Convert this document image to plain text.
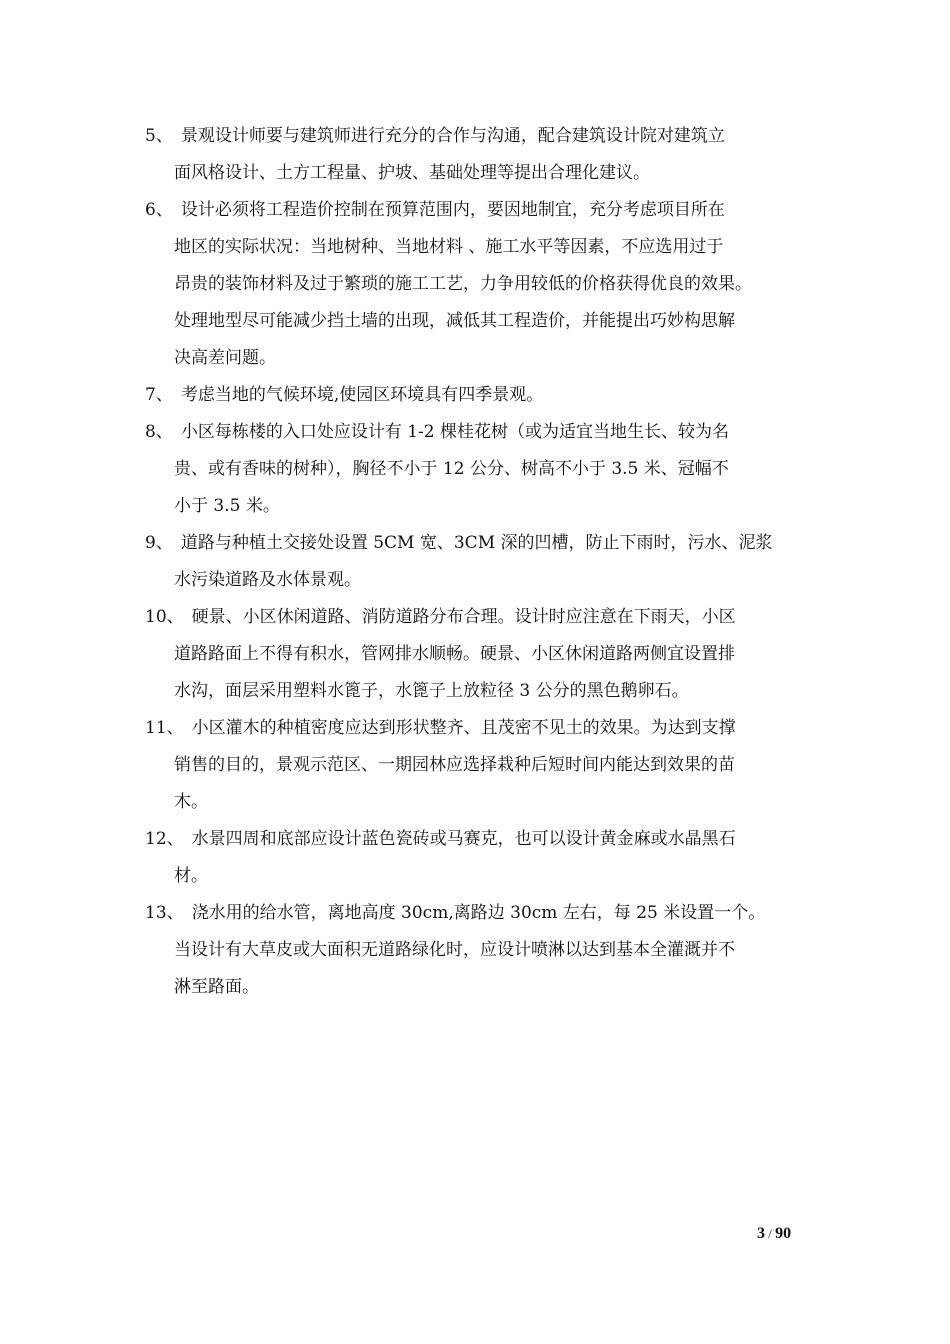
5、 景观设计师要与建筑师进行充分的合作与沟通，配合建筑设计院对建筑立
面风格设计、土方工程量、护坡、基础处理等提出合理化建议。
6、 设计必须将工程造价控制在预算范围内，要因地制宜，充分考虑项目所在
地区的实际状况：当地树种、当地材料 、施工水平等因素，不应选用过于
昂贵的装饰材料及过于繁琐的施工工艺，力争用较低的价格获得优良的效果。
处理地型尽可能减少挡土墙的出现，减低其工程造价，并能提出巧妙构思解
决高差问题。
7、 考虑当地的气候环境,使园区环境具有四季景观。
8、 小区每栋楼的入口处应设计有 1-2 棵桂花树（或为适宜当地生长、较为名
贵、或有香味的树种），胸径不小于 12 公分、树高不小于 3.5 米、冠幅不
小于 3.5 米。
9、 道路与种植土交接处设置 5CM 宽、3CM 深的凹槽，防止下雨时，污水、泥浆
水污染道路及水体景观。
10、 硬景、小区休闲道路、消防道路分布合理。设计时应注意在下雨天，小区
道路路面上不得有积水，管网排水顺畅。硬景、小区休闲道路两侧宜设置排
水沟，面层采用塑料水篦子，水篦子上放粒径 3 公分的黑色鹅卵石。
11、 小区灌木的种植密度应达到形状整齐、且茂密不见土的效果。为达到支撑
销售的目的，景观示范区、一期园林应选择栽种后短时间内能达到效果的苗
木。
12、 水景四周和底部应设计蓝色瓷砖或马赛克，也可以设计黄金麻或水晶黑石
材。
13、 浇水用的给水管，离地高度 30cm,离路边 30cm 左右，每 25 米设置一个。
当设计有大草皮或大面积无道路绿化时，应设计喷淋以达到基本全灌溉并不
淋至路面。
3 / 90
